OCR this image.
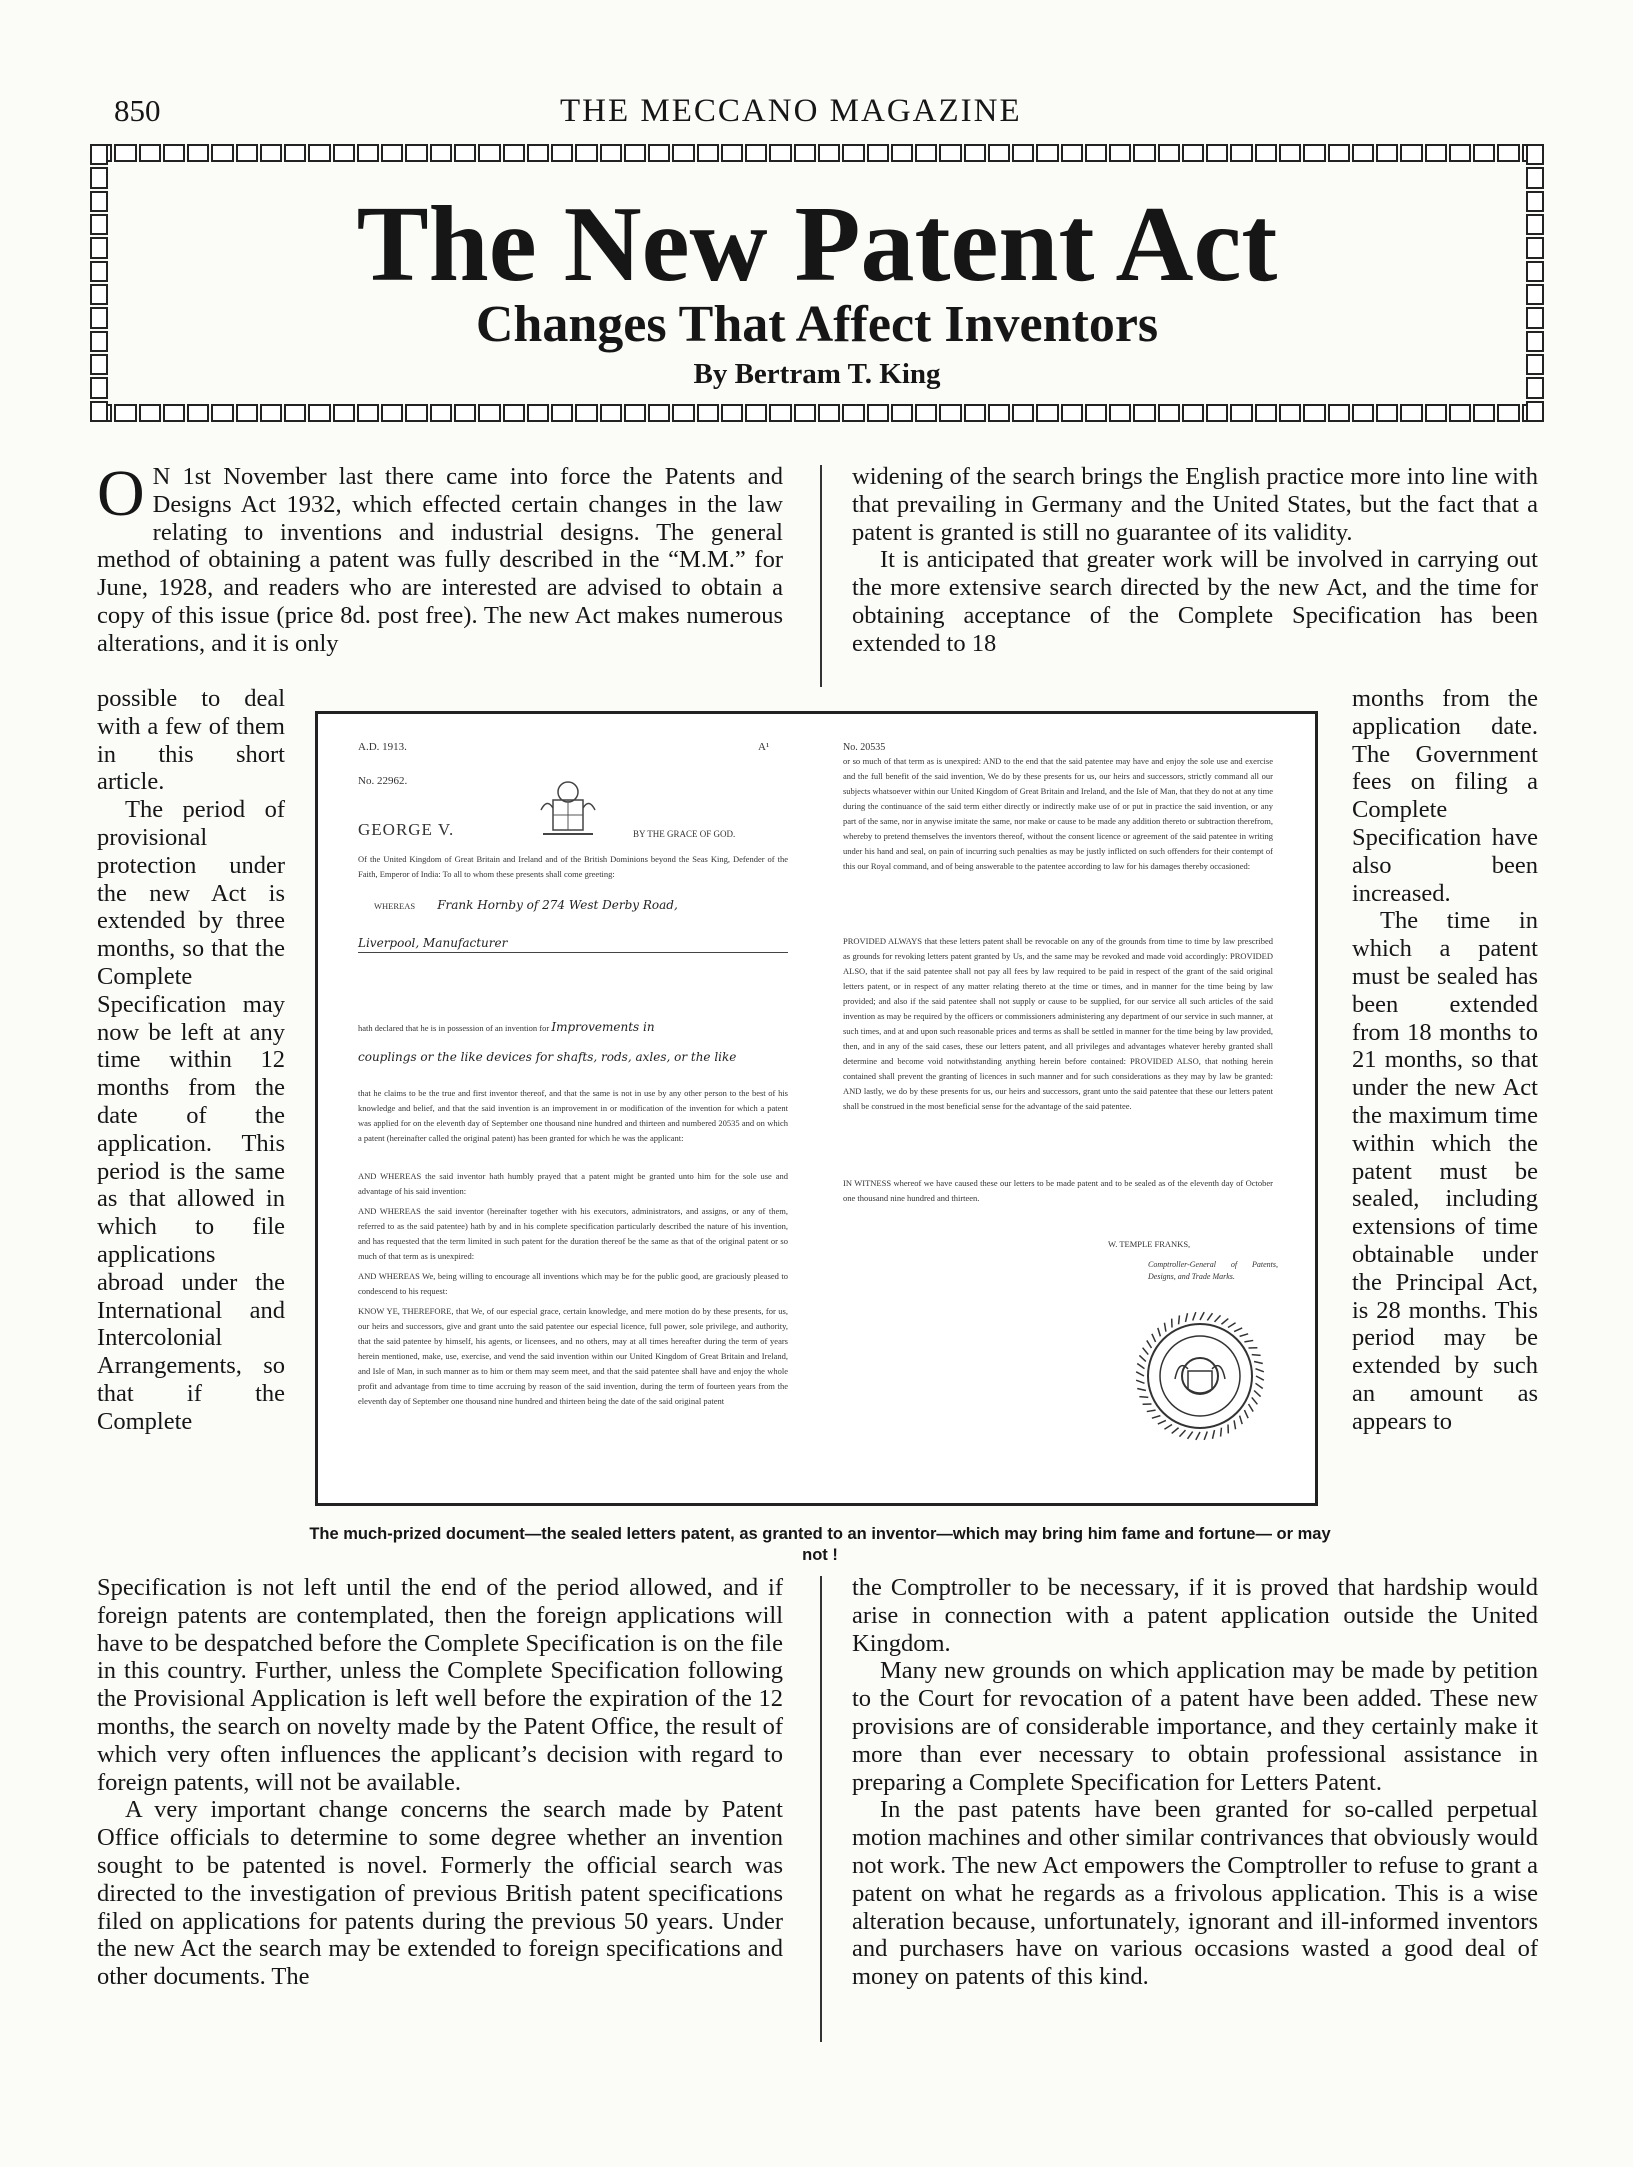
850	THE MECCANO MAGAZINE
The New Patent Act
Changes That Affect Inventors
By Bertram T. King

O N 1st November last there came into force the Patents and Designs Act 1932, which effected certain changes in the law relating to inventions and industrial designs. The general method of obtaining a patent was fully described in the “M.M.” for June, 1928, and readers who are interested are advised to obtain a copy of this issue (price 8d. post free). The new Act makes numerous alterations, and it is only

possible to deal with a few of them in this short article.

The period of provisional protection under the new Act is extended by three months, so that the Complete Specification may now be left at any time within 12 months from the date of the application. This period is the same as that allowed in which to file applications abroad under the International and Intercolonial Arrangements, so that if the Complete

Specification is not left until the end of the period allowed, and if foreign patents are contemplated, then the foreign applications will have to be despatched before the Complete Specification is on the file in this country. Further, unless the Complete Specification following the Provisional Application is left well before the expiration of the 12 months, the search on novelty made by the Patent Office, the result of which very often influences the applicant’s decision with regard to foreign patents, will not be available.

A very important change concerns the search made by Patent Office officials to determine to some degree whether an invention sought to be patented is novel. Formerly the official search was directed to the investigation of previous British patent specifications filed on applications for patents during the previous 50 years. Under the new Act the search may be extended to foreign specifications and other documents. The

widening of the search brings the English practice more into line with that prevailing in Germany and the United States, but the fact that a patent is granted is still no guarantee of its validity.

It is anticipated that greater work will be involved in carrying out the more extensive search directed by the new Act, and the time for obtaining acceptance of the Complete Specification has been extended to 18

months from the application date. The Government fees on filing a Complete Specification have also been increased.

The time in which a patent must be sealed has been extended from 18 months to 21 months, so that under the new Act the maximum time within which the patent must be sealed, including extensions of time obtainable under the Principal Act, is 28 months. This period may be extended by such an amount as appears to

the Comptroller to be necessary, if it is proved that hardship would arise in connection with a patent application outside the United Kingdom.

Many new grounds on which application may be made by petition to the Court for revocation of a patent have been added. These new provisions are of considerable importance, and they certainly make it more than ever necessary to obtain professional assistance in preparing a Complete Specification for Letters Patent.

In the past patents have been granted for so-called perpetual motion machines and other similar contrivances that obviously would not work. The new Act empowers the Comptroller to refuse to grant a patent on what he regards as a frivolous application. This is a wise alteration because, unfortunately, ignorant and ill-informed inventors and purchasers have on various occasions wasted a good deal of money on patents of this kind.

A.D. 1913.	A¹
No. 22962.
GEORGE V.	BY THE GRACE OF GOD.
Of the United Kingdom of Great Britain and Ireland and of the British Dominions beyond the Seas King, Defender of the Faith, Emperor of India: To all to whom these presents shall come greeting:
WHEREAS Frank Hornby of 274 West Derby Road,
Liverpool, Manufacturer
hath declared that he is in possession of an invention for Improvements in
couplings or the like devices for shafts, rods, axles, or the like
that he claims to be the true and first inventor thereof, and that the same is not in use by any other person to the best of his knowledge and belief, and that the said invention is an improvement in or modification of the invention for which a patent was applied for on the eleventh day of September one thousand nine hundred and thirteen and numbered 20535 and on which a patent (hereinafter called the original patent) has been granted for which he was the applicant:
AND WHEREAS the said inventor hath humbly prayed that a patent might be granted unto him for the sole use and advantage of his said invention:
AND WHEREAS the said inventor (hereinafter together with his executors, administrators, and assigns, or any of them, referred to as the said patentee) hath by and in his complete specification particularly described the nature of his invention, and has requested that the term limited in such patent for the duration thereof be the same as that of the original patent or so much of that term as is unexpired:
AND WHEREAS We, being willing to encourage all inventions which may be for the public good, are graciously pleased to condescend to his request:
KNOW YE, THEREFORE, that We, of our especial grace, certain knowledge, and mere motion do by these presents, for us, our heirs and successors, give and grant unto the said patentee our especial licence, full power, sole privilege, and authority, that the said patentee by himself, his agents, or licensees, and no others, may at all times hereafter during the term of years herein mentioned, make, use, exercise, and vend the said invention within our United Kingdom of Great Britain and Ireland, and Isle of Man, in such manner as to him or them may seem meet, and that the said patentee shall have and enjoy the whole profit and advantage from time to time accruing by reason of the said invention, during the term of fourteen years from the eleventh day of September one thousand nine hundred and thirteen being the date of the said original patent
No. 20535
or so much of that term as is unexpired: AND to the end that the said patentee may have and enjoy the sole use and exercise and the full benefit of the said invention, We do by these presents for us, our heirs and successors, strictly command all our subjects whatsoever within our United Kingdom of Great Britain and Ireland, and the Isle of Man, that they do not at any time during the continuance of the said term either directly or indirectly make use of or put in practice the said invention, or any part of the same, nor in anywise imitate the same, nor make or cause to be made any addition thereto or subtraction therefrom, whereby to pretend themselves the inventors thereof, without the consent licence or agreement of the said patentee in writing under his hand and seal, on pain of incurring such penalties as may be justly inflicted on such offenders for their contempt of this our Royal command, and of being answerable to the patentee according to law for his damages thereby occasioned:
PROVIDED ALWAYS that these letters patent shall be revocable on any of the grounds from time to time by law prescribed as grounds for revoking letters patent granted by Us, and the same may be revoked and made void accordingly: PROVIDED ALSO, that if the said patentee shall not pay all fees by law required to be paid in respect of the grant of the said original letters patent, or in respect of any matter relating thereto at the time or times, and in manner for the time being by law provided; and also if the said patentee shall not supply or cause to be supplied, for our service all such articles of the said invention as may be required by the officers or commissioners administering any department of our service in such manner, at such times, and at and upon such reasonable prices and terms as shall be settled in manner for the time being by law provided, then, and in any of the said cases, these our letters patent, and all privileges and advantages whatever hereby granted shall determine and become void notwithstanding anything herein before contained: PROVIDED ALSO, that nothing herein contained shall prevent the granting of licences in such manner and for such considerations as they may by law be granted: AND lastly, we do by these presents for us, our heirs and successors, grant unto the said patentee that these our letters patent shall be construed in the most beneficial sense for the advantage of the said patentee.
IN WITNESS whereof we have caused these our letters to be made patent and to be sealed as of the eleventh day of October one thousand nine hundred and thirteen.
W. TEMPLE FRANKS,
Comptroller-General of Patents, Designs, and Trade Marks.
The much-prized document—the sealed letters patent, as granted to an inventor—which may bring him fame and fortune— or may not !
